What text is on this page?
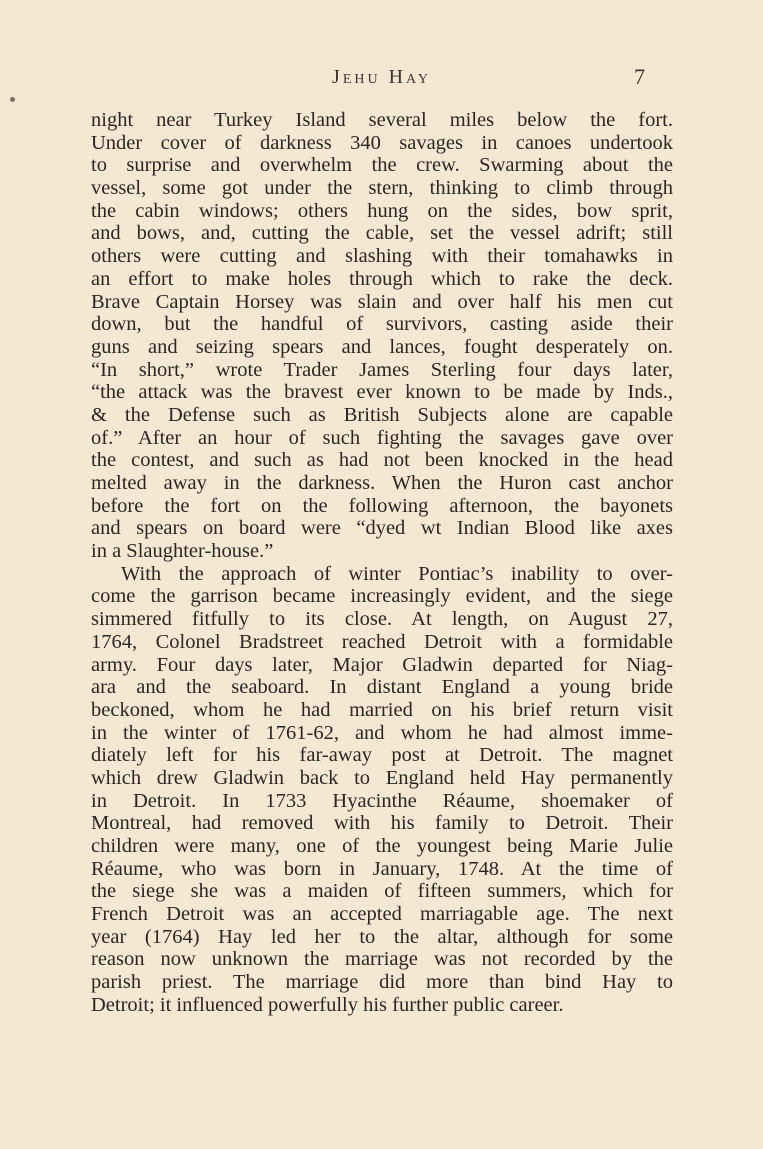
Jehu Hay	7
night near Turkey Island several miles below the fort.
Under cover of darkness 340 savages in canoes undertook
to surprise and overwhelm the crew. Swarming about the
vessel, some got under the stern, thinking to climb through
the cabin windows; others hung on the sides, bow sprit,
and bows, and, cutting the cable, set the vessel adrift; still
others were cutting and slashing with their tomahawks in
an effort to make holes through which to rake the deck.
Brave Captain Horsey was slain and over half his men cut
down, but the handful of survivors, casting aside their
guns and seizing spears and lances, fought desperately on.
“In short,” wrote Trader James Sterling four days later,
“the attack was the bravest ever known to be made by Inds.,
& the Defense such as British Subjects alone are capable
of.” After an hour of such fighting the savages gave over
the contest, and such as had not been knocked in the head
melted away in the darkness. When the Huron cast anchor
before the fort on the following afternoon, the bayonets
and spears on board were “dyed wt Indian Blood like axes
in a Slaughter-house.”
With the approach of winter Pontiac’s inability to over-
come the garrison became increasingly evident, and the siege
simmered fitfully to its close. At length, on August 27,
1764, Colonel Bradstreet reached Detroit with a formidable
army. Four days later, Major Gladwin departed for Niag-
ara and the seaboard. In distant England a young bride
beckoned, whom he had married on his brief return visit
in the winter of 1761-62, and whom he had almost imme-
diately left for his far-away post at Detroit. The magnet
which drew Gladwin back to England held Hay permanently
in Detroit. In 1733 Hyacinthe Réaume, shoemaker of
Montreal, had removed with his family to Detroit. Their
children were many, one of the youngest being Marie Julie
Réaume, who was born in January, 1748. At the time of
the siege she was a maiden of fifteen summers, which for
French Detroit was an accepted marriagable age. The next
year (1764) Hay led her to the altar, although for some
reason now unknown the marriage was not recorded by the
parish priest. The marriage did more than bind Hay to
Detroit; it influenced powerfully his further public career.
